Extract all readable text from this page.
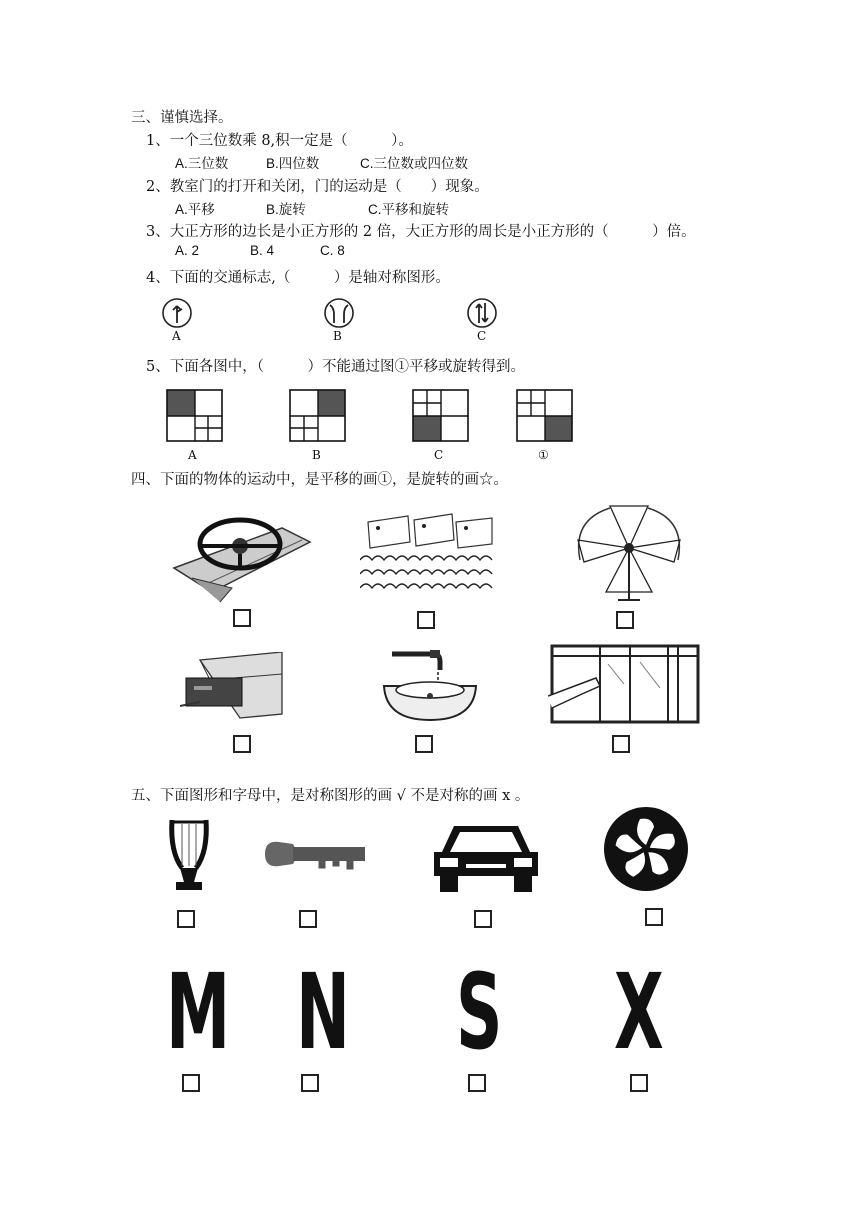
三、谨慎选择。
1、一个三位数乘 8,积一定是（　　　）。
A.三位数	B.四位数	C.三位数或四位数
2、教室门的打开和关闭，门的运动是（　　）现象。
A.平移	B.旋转	C.平移和旋转
3、大正方形的边长是小正方形的 2 倍，大正方形的周长是小正方形的（　　　）倍。
A. 2	B. 4	C. 8
4、下面的交通标志,（　　　）是轴对称图形。
A	B	C
5、下面各图中，（　　　）不能通过图①平移或旋转得到。
A	B	C	①
四、下面的物体的运动中，是平移的画①，是旋转的画☆。
五、下面图形和字母中，是对称图形的画 √ 不是对称的画 x 。
M N S X
